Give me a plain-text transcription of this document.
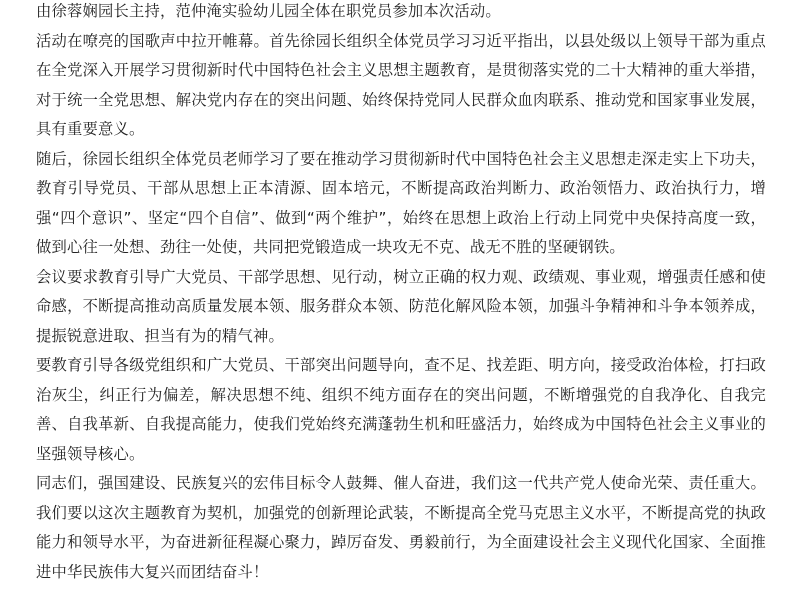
由徐蓉娴园长主持，范仲淹实验幼儿园全体在职党员参加本次活动。

活动在嘹亮的国歌声中拉开帷幕。首先徐园长组织全体党员学习习近平指出，以县处级以上领导干部为重点在全党深入开展学习贯彻新时代中国特色社会主义思想主题教育，是贯彻落实党的二十大精神的重大举措，对于统一全党思想、解决党内存在的突出问题、始终保持党同人民群众血肉联系、推动党和国家事业发展，具有重要意义。

随后，徐园长组织全体党员老师学习了要在推动学习贯彻新时代中国特色社会主义思想走深走实上下功夫，教育引导党员、干部从思想上正本清源、固本培元，不断提高政治判断力、政治领悟力、政治执行力，增强“四个意识”、坚定“四个自信”、做到“两个维护”，始终在思想上政治上行动上同党中央保持高度一致，做到心往一处想、劲往一处使，共同把党锻造成一块攻无不克、战无不胜的坚硬钢铁。

会议要求教育引导广大党员、干部学思想、见行动，树立正确的权力观、政绩观、事业观，增强责任感和使命感，不断提高推动高质量发展本领、服务群众本领、防范化解风险本领，加强斗争精神和斗争本领养成，提振锐意进取、担当有为的精气神。

要教育引导各级党组织和广大党员、干部突出问题导向，查不足、找差距、明方向，接受政治体检，打扫政治灰尘，纠正行为偏差，解决思想不纯、组织不纯方面存在的突出问题，不断增强党的自我净化、自我完善、自我革新、自我提高能力，使我们党始终充满蓬勃生机和旺盛活力，始终成为中国特色社会主义事业的坚强领导核心。

同志们，强国建设、民族复兴的宏伟目标令人鼓舞、催人奋进，我们这一代共产党人使命光荣、责任重大。我们要以这次主题教育为契机，加强党的创新理论武装，不断提高全党马克思主义水平，不断提高党的执政能力和领导水平，为奋进新征程凝心聚力，踔厉奋发、勇毅前行，为全面建设社会主义现代化国家、全面推进中华民族伟大复兴而团结奋斗！
